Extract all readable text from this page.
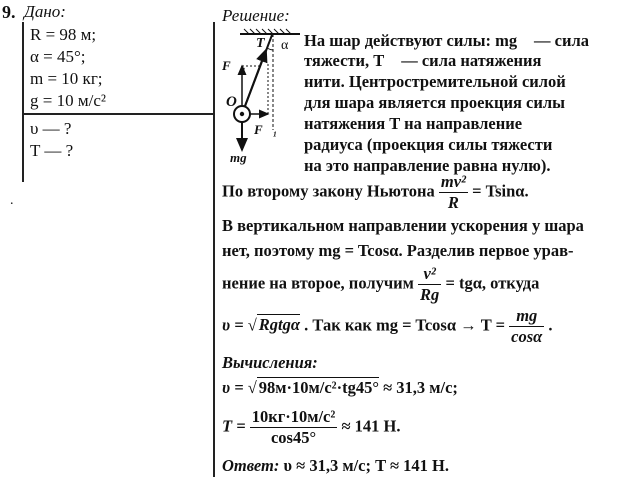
9. Дано:
R = 98 м;
α = 45°;
m = 10 кг;
g = 10 м/с²
υ — ?
T — ?
.
Решение:
T⃗ α
F⃗₂
O
F⃗₁
mg⃗
На шар действуют силы: mg⃗ — сила
тяжести, T⃗ — сила натяжения
нити. Центростремительной силой
для шара является проекция силы
натяжения T на направление
радиуса (проекция силы тяжести
на это направление равна нулю).
По второму закону Ньютона $\frac{\text{mv²}}{R} = Tsin\alpha$.
В вертикальном направлении ускорения у шара
нет, поэтому mg = Tcosα. Разделив первое урав-
нение на второе, получим $\frac{\text{v²}}{Rg} = tg\alpha$, откуда
υ = √ Rgtgα . Так как mg = $Tcos\alpha \to T = \frac{mg}{\cos\alpha}$ .
Вычисления:
υ = √ 98м·10м/с²·tg45° ≈ 31,3 м/с;
$T = \frac{\text{10кг·10м/с²}}{\cos 45^\circ} \approx 141$ Н.
Ответ: υ ≈ 31,3 м/с; T ≈ 141 Н.
